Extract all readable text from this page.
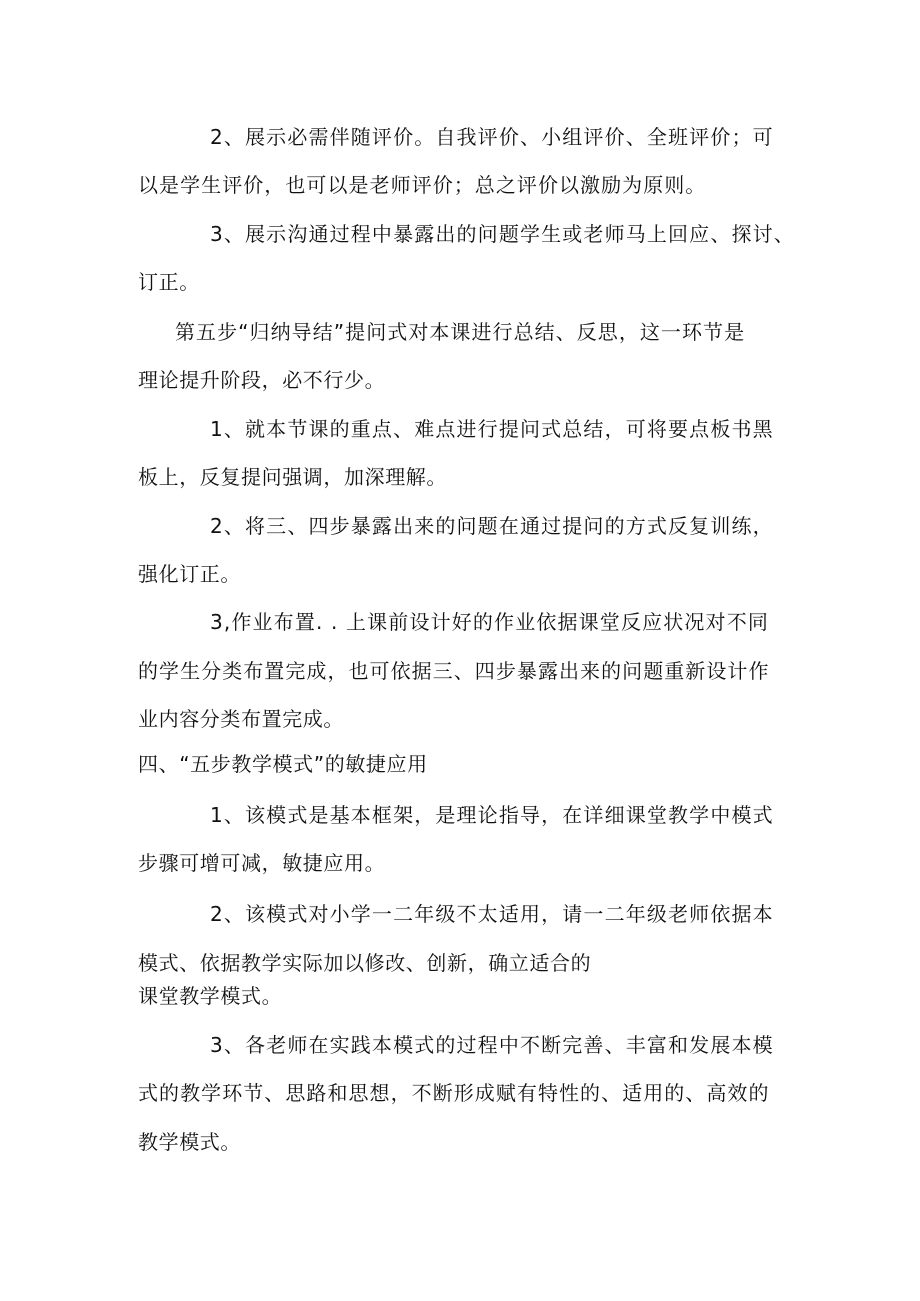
2、展示必需伴随评价。自我评价、小组评价、全班评价；可

以是学生评价，也可以是老师评价；总之评价以激励为原则。

3、展示沟通过程中暴露出的问题学生或老师马上回应、探讨、

订正。

第五步“归纳导结”提问式对本课进行总结、反思，这一环节是

理论提升阶段，必不行少。

1、就本节课的重点、难点进行提问式总结，可将要点板书黑

板上，反复提问强调，加深理解。

2、将三、四步暴露出来的问题在通过提问的方式反复训练，

强化订正。

3,作业布置. . 上课前设计好的作业依据课堂反应状况对不同

的学生分类布置完成，也可依据三、四步暴露出来的问题重新设计作

业内容分类布置完成。

四、“五步教学模式”的敏捷应用

1、该模式是基本框架，是理论指导，在详细课堂教学中模式

步骤可增可减，敏捷应用。

2、该模式对小学一二年级不太适用，请一二年级老师依据本

模式、依据教学实际加以修改、创新，确立适合的

课堂教学模式。

3、各老师在实践本模式的过程中不断完善、丰富和发展本模

式的教学环节、思路和思想，不断形成赋有特性的、适用的、高效的

教学模式。
